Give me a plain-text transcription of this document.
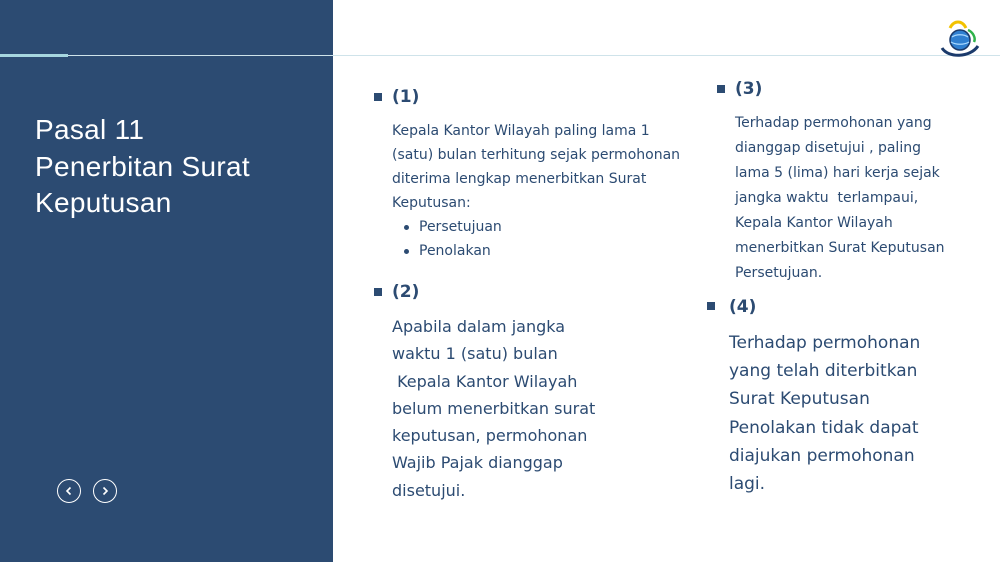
Pasal 11
Penerbitan Surat
Keputusan
(1)
Kepala Kantor Wilayah paling lama 1
(satu) bulan terhitung sejak permohonan
diterima lengkap menerbitkan Surat
Keputusan:
Persetujuan
Penolakan
(2)
Apabila dalam jangka
waktu 1 (satu) bulan
Kepala Kantor Wilayah
belum menerbitkan surat
keputusan, permohonan
Wajib Pajak dianggap
disetujui.
(3)
Terhadap permohonan yang
dianggap disetujui , paling
lama 5 (lima) hari kerja sejak
jangka waktu  terlampaui,
Kepala Kantor Wilayah
menerbitkan Surat Keputusan
Persetujuan.
(4)
Terhadap permohonan
yang telah diterbitkan
Surat Keputusan
Penolakan tidak dapat
diajukan permohonan
lagi.
